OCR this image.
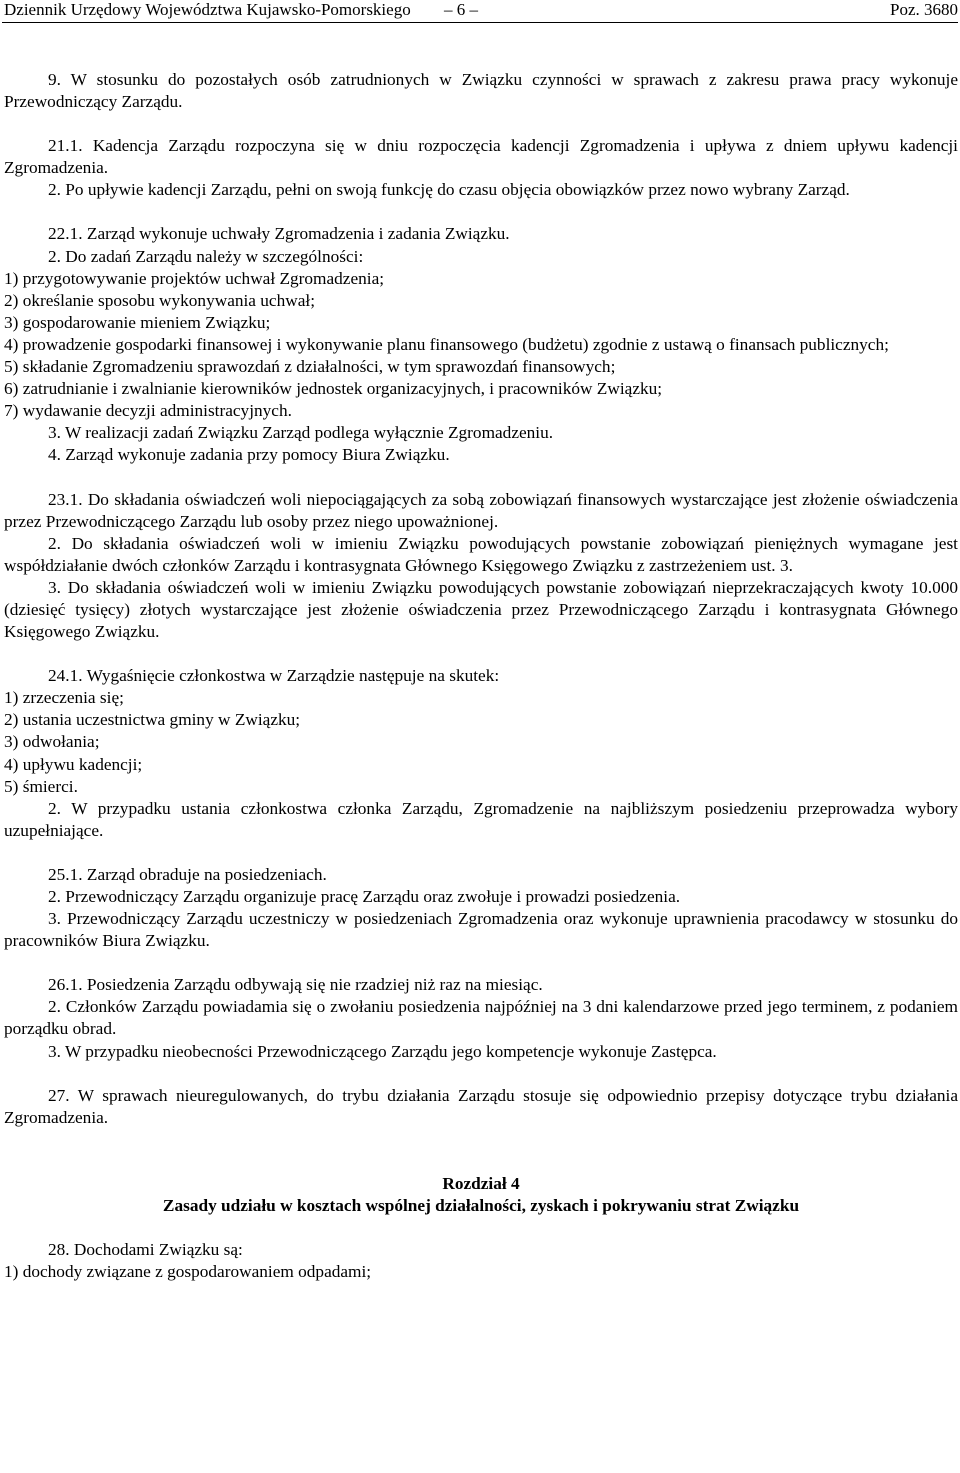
Dziennik Urzędowy Województwa Kujawsko-Pomorskiego – 6 –	Poz. 3680

9. W stosunku do pozostałych osób zatrudnionych w Związku czynności w sprawach z zakresu prawa pracy wykonuje Przewodniczący Zarządu.

21.1. Kadencja Zarządu rozpoczyna się w dniu rozpoczęcia kadencji Zgromadzenia i upływa z dniem upływu kadencji Zgromadzenia.

2. Po upływie kadencji Zarządu, pełni on swoją funkcję do czasu objęcia obowiązków przez nowo wybrany Zarząd.

22.1. Zarząd wykonuje uchwały Zgromadzenia i zadania Związku.

2. Do zadań Zarządu należy w szczególności:

1) przygotowywanie projektów uchwał Zgromadzenia;

2) określanie sposobu wykonywania uchwał;

3) gospodarowanie mieniem Związku;

4) prowadzenie gospodarki finansowej i wykonywanie planu finansowego (budżetu) zgodnie z ustawą o finansach publicznych;

5) składanie Zgromadzeniu sprawozdań z działalności, w tym sprawozdań finansowych;

6) zatrudnianie i zwalnianie kierowników jednostek organizacyjnych, i pracowników Związku;

7) wydawanie decyzji administracyjnych.

3. W realizacji zadań Związku Zarząd podlega wyłącznie Zgromadzeniu.

4. Zarząd wykonuje zadania przy pomocy Biura Związku.

23.1. Do składania oświadczeń woli niepociągających za sobą zobowiązań finansowych wystarczające jest złożenie oświadczenia przez Przewodniczącego Zarządu lub osoby przez niego upoważnionej.

2. Do składania oświadczeń woli w imieniu Związku powodujących powstanie zobowiązań pieniężnych wymagane jest współdziałanie dwóch członków Zarządu i kontrasygnata Głównego Księgowego Związku z zastrzeżeniem ust. 3.

3. Do składania oświadczeń woli w imieniu Związku powodujących powstanie zobowiązań nieprzekraczających kwoty 10.000 (dziesięć tysięcy) złotych wystarczające jest złożenie oświadczenia przez Przewodniczącego Zarządu i kontrasygnata Głównego Księgowego Związku.

24.1. Wygaśnięcie członkostwa w Zarządzie następuje na skutek:

1) zrzeczenia się;

2) ustania uczestnictwa gminy w Związku;

3) odwołania;

4) upływu kadencji;

5) śmierci.

2. W przypadku ustania członkostwa członka Zarządu, Zgromadzenie na najbliższym posiedzeniu przeprowadza wybory uzupełniające.

25.1. Zarząd obraduje na posiedzeniach.

2. Przewodniczący Zarządu organizuje pracę Zarządu oraz zwołuje i prowadzi posiedzenia.

3. Przewodniczący Zarządu uczestniczy w posiedzeniach Zgromadzenia oraz wykonuje uprawnienia pracodawcy w stosunku do pracowników Biura Związku.

26.1. Posiedzenia Zarządu odbywają się nie rzadziej niż raz na miesiąc.

2. Członków Zarządu powiadamia się o zwołaniu posiedzenia najpóźniej na 3 dni kalendarzowe przed jego terminem, z podaniem porządku obrad.

3. W przypadku nieobecności Przewodniczącego Zarządu jego kompetencje wykonuje Zastępca.

27. W sprawach nieuregulowanych, do trybu działania Zarządu stosuje się odpowiednio przepisy dotyczące trybu działania Zgromadzenia.

Rozdział 4

Zasady udziału w kosztach wspólnej działalności, zyskach i pokrywaniu strat Związku

28. Dochodami Związku są:

1) dochody związane z gospodarowaniem odpadami;
